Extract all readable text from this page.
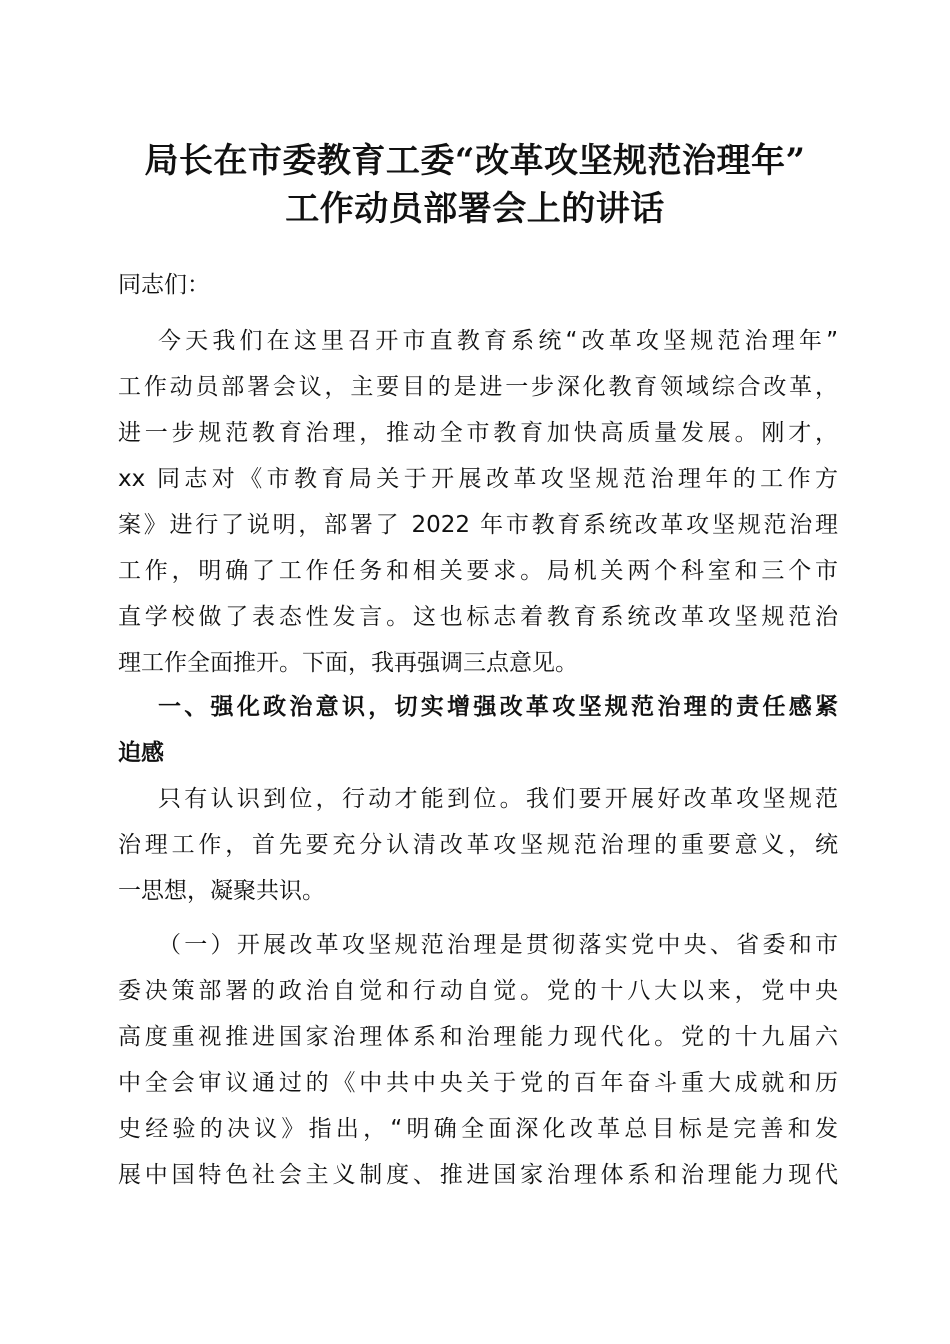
局长在市委教育工委“改革攻坚规范治理年”
工作动员部署会上的讲话
同志们：
今天我们在这里召开市直教育系统“改革攻坚规范治理年”
工作动员部署会议，主要目的是进一步深化教育领域综合改革，
进一步规范教育治理，推动全市教育加快高质量发展。刚才，
xx 同志对《市教育局关于开展改革攻坚规范治理年的工作方
案》进行了说明，部署了 2022 年市教育系统改革攻坚规范治理
工作，明确了工作任务和相关要求。局机关两个科室和三个市
直学校做了表态性发言。这也标志着教育系统改革攻坚规范治
理工作全面推开。下面，我再强调三点意见。
一、强化政治意识，切实增强改革攻坚规范治理的责任感紧
迫感
只有认识到位，行动才能到位。我们要开展好改革攻坚规范
治理工作，首先要充分认清改革攻坚规范治理的重要意义，统
一思想，凝聚共识。
（一）开展改革攻坚规范治理是贯彻落实党中央、省委和市
委决策部署的政治自觉和行动自觉。党的十八大以来，党中央
高度重视推进国家治理体系和治理能力现代化。党的十九届六
中全会审议通过的《中共中央关于党的百年奋斗重大成就和历
史经验的决议》指出，“明确全面深化改革总目标是完善和发
展中国特色社会主义制度、推进国家治理体系和治理能力现代
